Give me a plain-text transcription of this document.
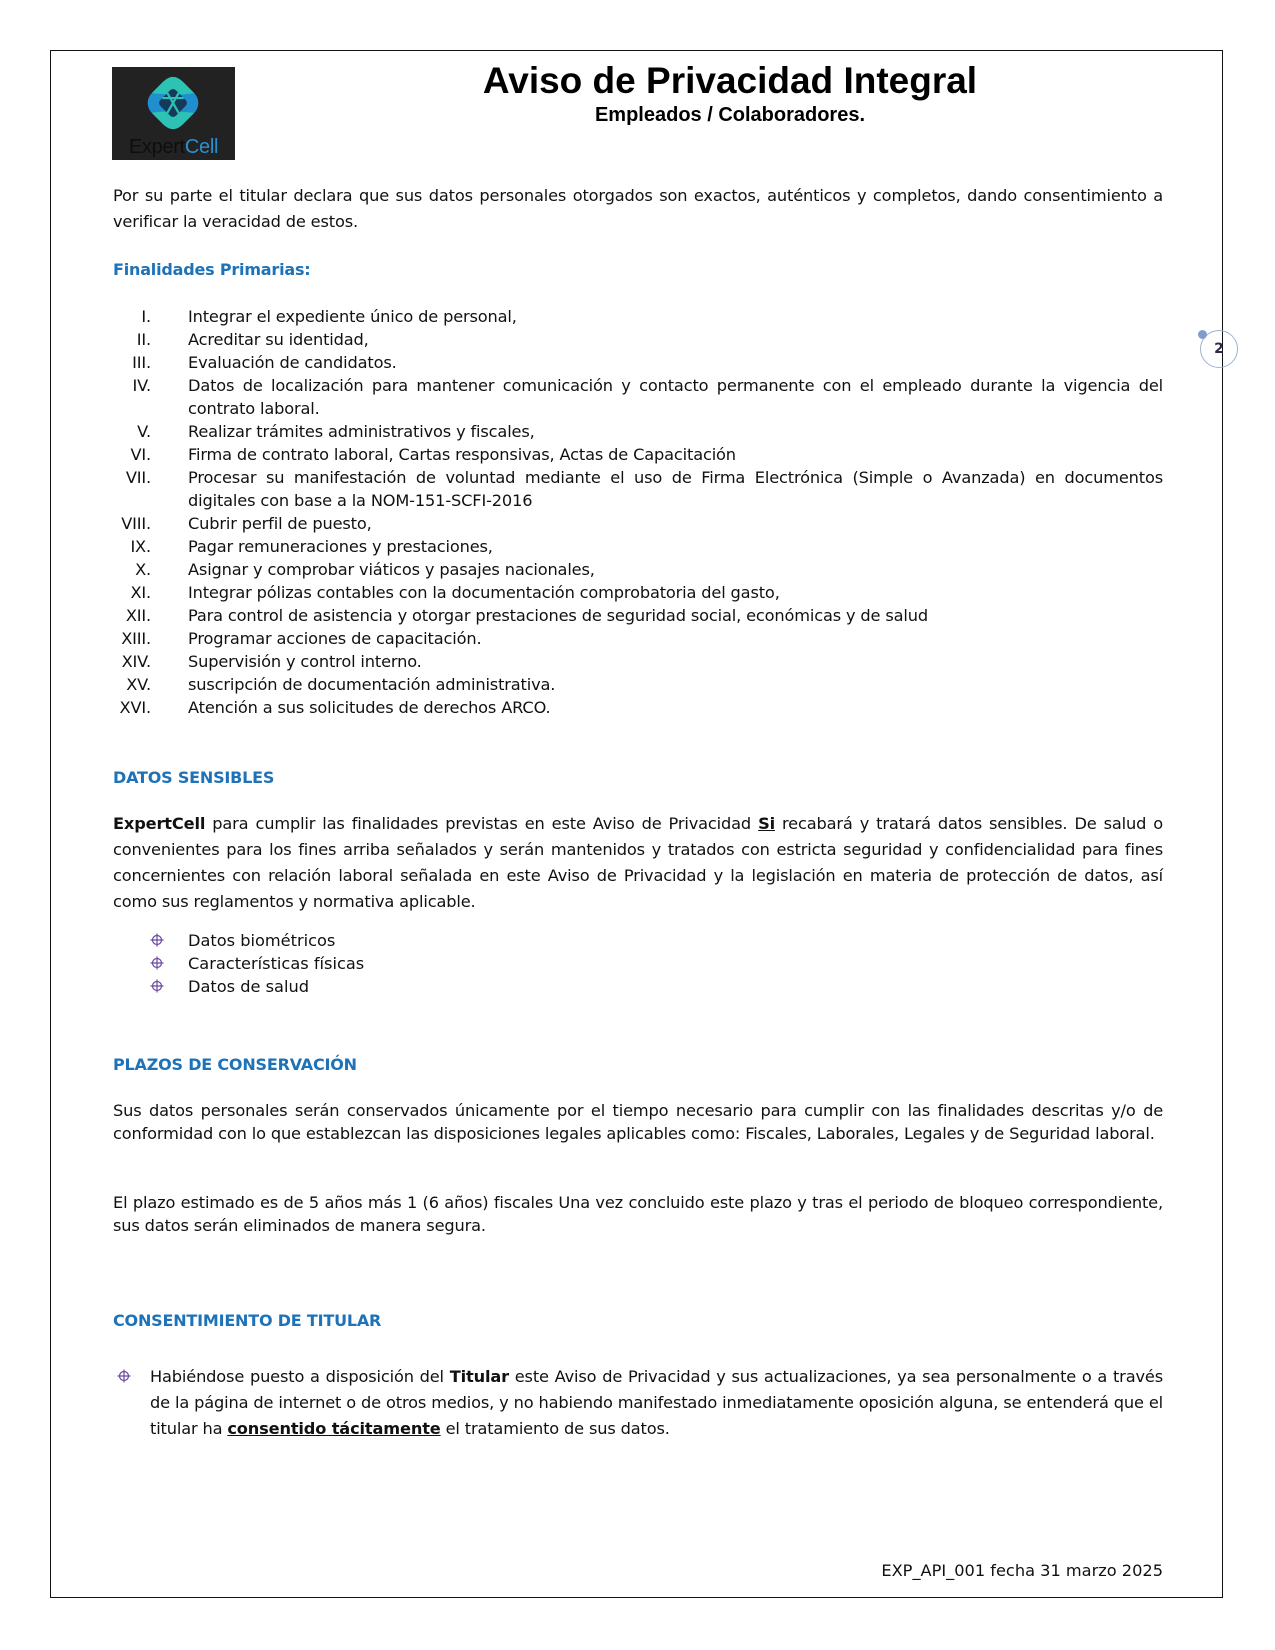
ExpertCell
Aviso de Privacidad Integral
Empleados / Colaboradores.
2
Por su parte el titular declara que sus datos personales otorgados son exactos, auténticos y completos, dando consentimiento a verificar la veracidad de estos.
Finalidades Primarias:
I. Integrar el expediente único de personal,
II. Acreditar su identidad,
III. Evaluación de candidatos.
IV. Datos de localización para mantener comunicación y contacto permanente con el empleado durante la vigencia del contrato laboral.
V. Realizar trámites administrativos y fiscales,
VI. Firma de contrato laboral, Cartas responsivas, Actas de Capacitación
VII. Procesar su manifestación de voluntad mediante el uso de Firma Electrónica (Simple o Avanzada) en documentos digitales con base a la NOM-151-SCFI-2016
VIII. Cubrir perfil de puesto,
IX. Pagar remuneraciones y prestaciones,
X. Asignar y comprobar viáticos y pasajes nacionales,
XI. Integrar pólizas contables con la documentación comprobatoria del gasto,
XII. Para control de asistencia y otorgar prestaciones de seguridad social, económicas y de salud
XIII. Programar acciones de capacitación.
XIV. Supervisión y control interno.
XV. suscripción de documentación administrativa.
XVI. Atención a sus solicitudes de derechos ARCO.
DATOS SENSIBLES
ExpertCell para cumplir las finalidades previstas en este Aviso de Privacidad Si recabará y tratará datos sensibles. De salud o convenientes para los fines arriba señalados y serán mantenidos y tratados con estricta seguridad y confidencialidad para fines concernientes con relación laboral señalada en este Aviso de Privacidad y la legislación en materia de protección de datos, así como sus reglamentos y normativa aplicable.
Datos biométricos
Características físicas
Datos de salud
PLAZOS DE CONSERVACIÓN
Sus datos personales serán conservados únicamente por el tiempo necesario para cumplir con las finalidades descritas y/o de conformidad con lo que establezcan las disposiciones legales aplicables como: Fiscales, Laborales, Legales y de Seguridad laboral.
El plazo estimado es de 5 años más 1 (6 años) fiscales Una vez concluido este plazo y tras el periodo de bloqueo correspondiente, sus datos serán eliminados de manera segura.
CONSENTIMIENTO DE TITULAR
Habiéndose puesto a disposición del Titular este Aviso de Privacidad y sus actualizaciones, ya sea personalmente o a través de la página de internet o de otros medios, y no habiendo manifestado inmediatamente oposición alguna, se entenderá que el titular ha consentido tácitamente el tratamiento de sus datos.
EXP_API_001 fecha 31 marzo 2025
